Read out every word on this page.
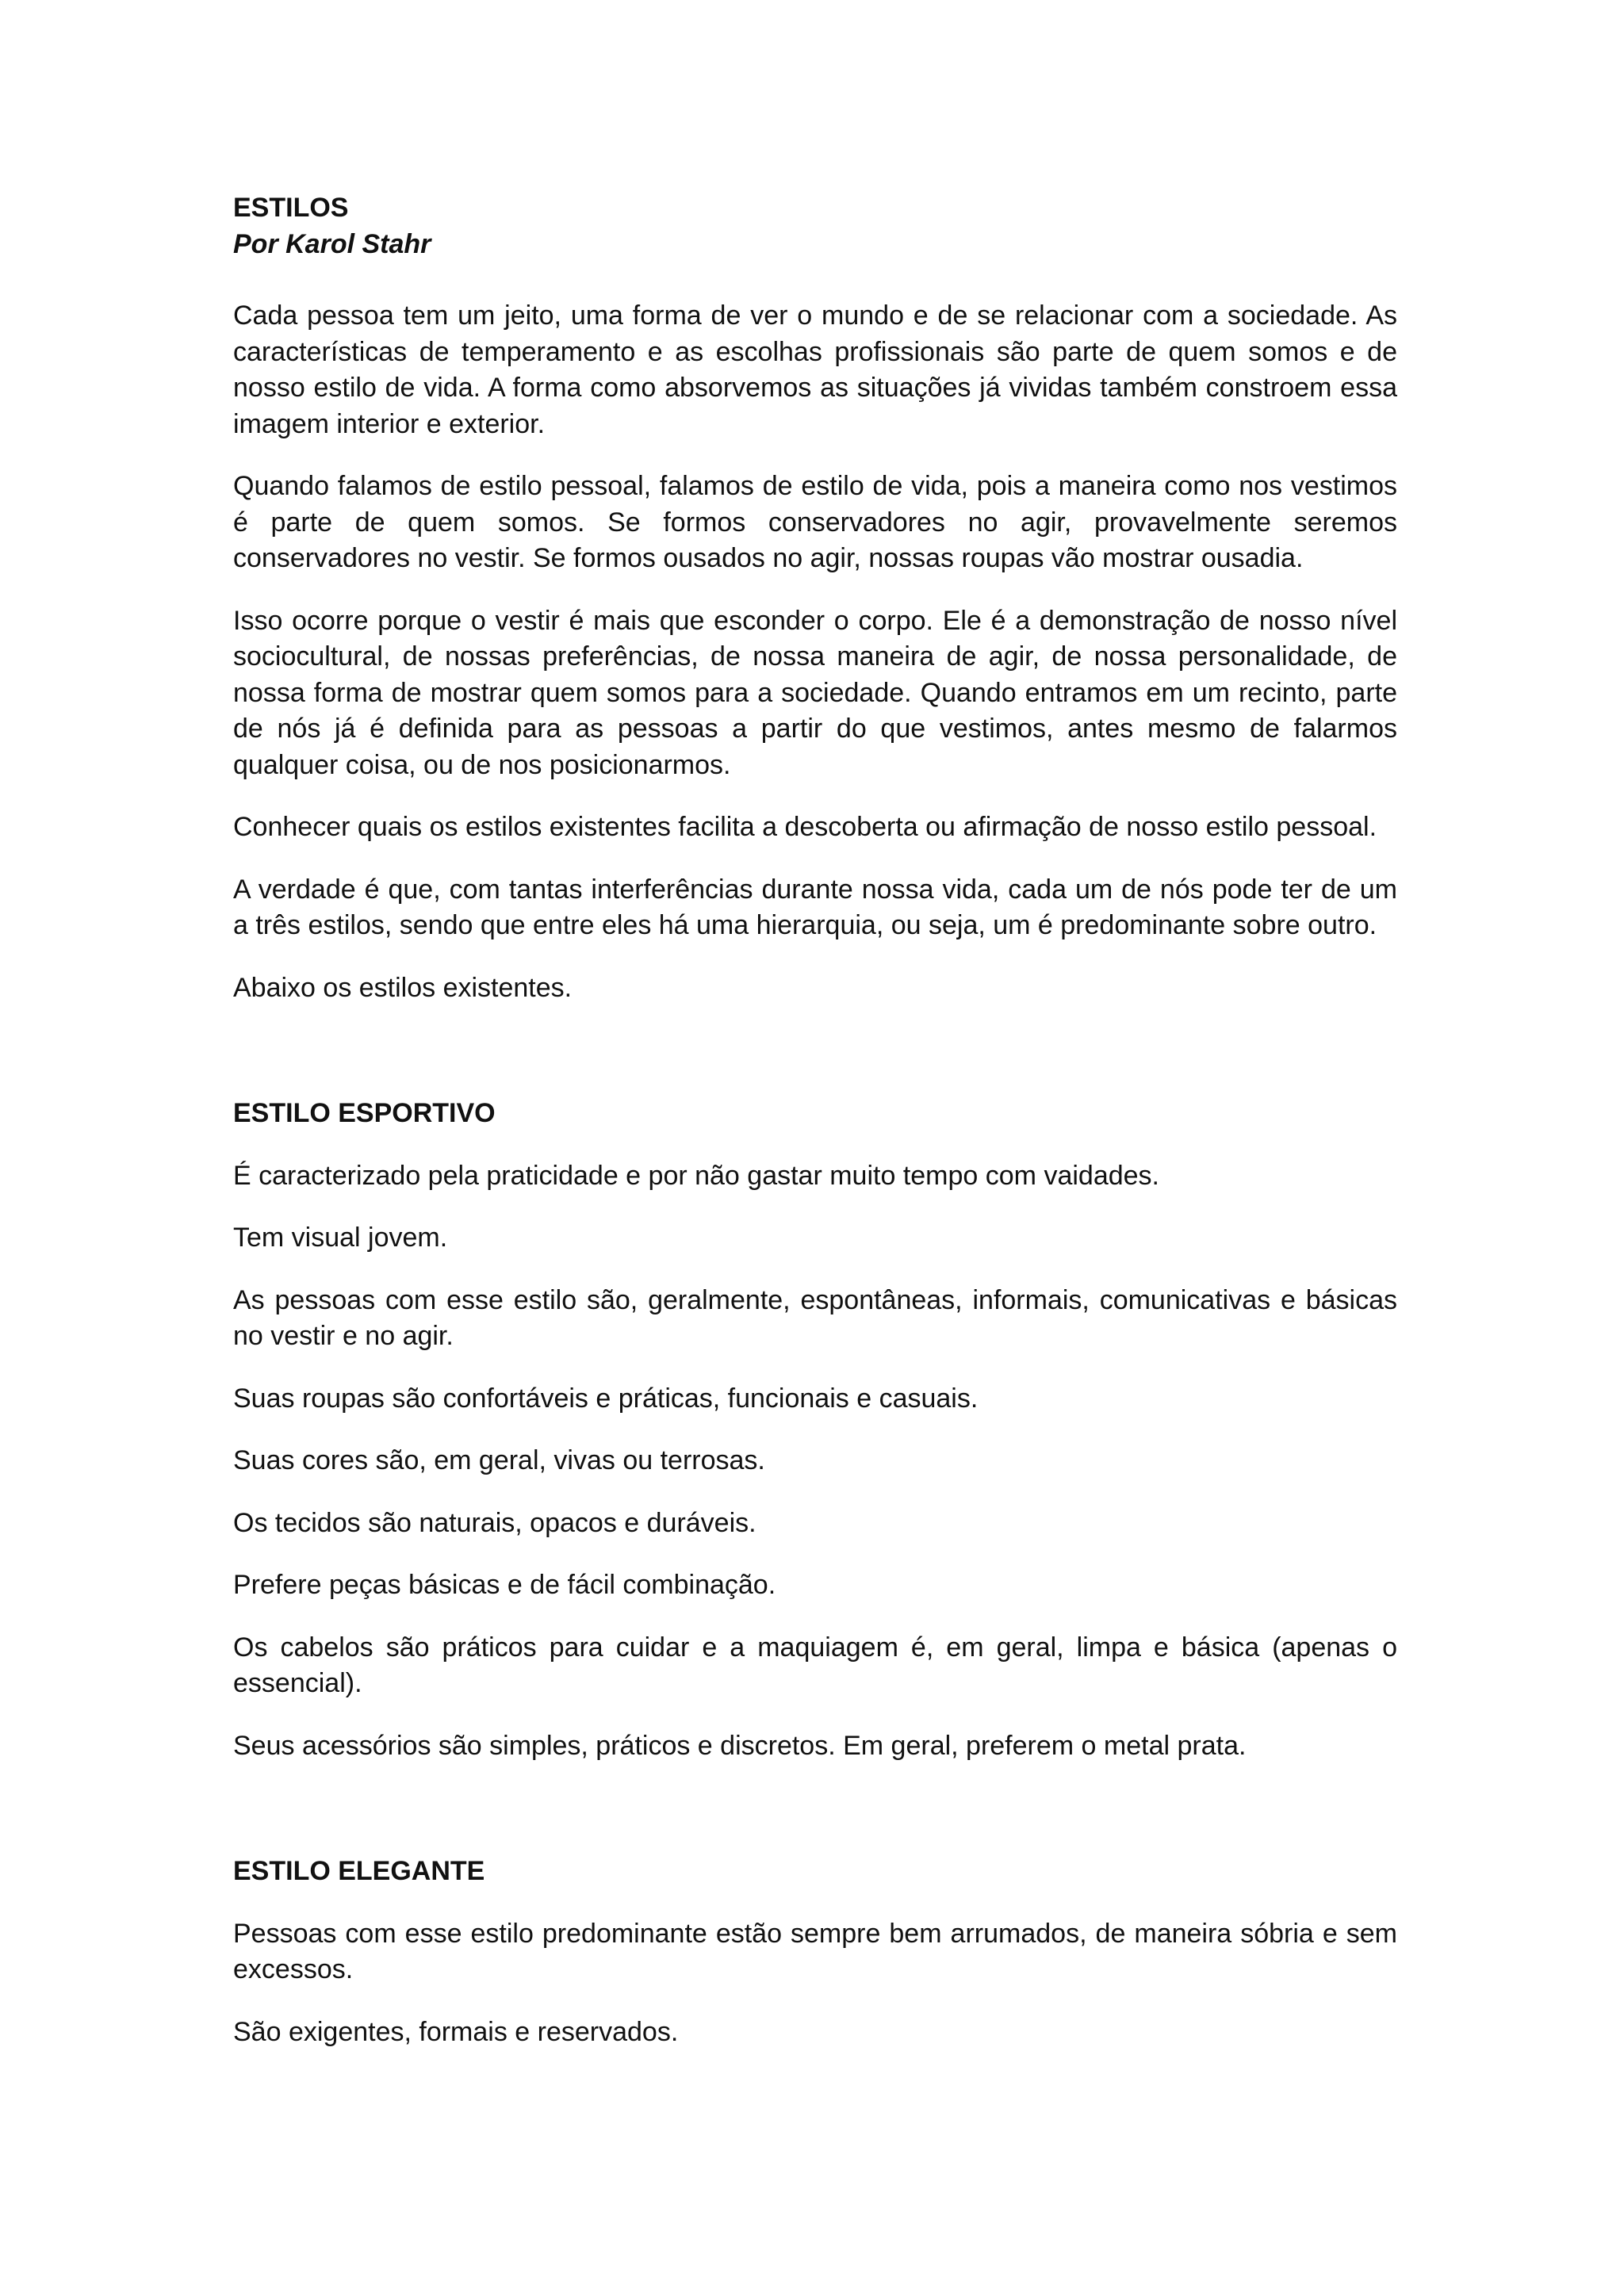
ESTILOS
Por Karol Stahr

Cada pessoa tem um jeito, uma forma de ver o mundo e de se relacionar com a sociedade. As características de temperamento e as escolhas profissionais são parte de quem somos e de nosso estilo de vida. A forma como absorvemos as situações já vividas também constroem essa imagem interior e exterior.

Quando falamos de estilo pessoal, falamos de estilo de vida, pois a maneira como nos vestimos é parte de quem somos. Se formos conservadores no agir, provavelmente seremos conservadores no vestir. Se formos ousados no agir, nossas roupas vão mostrar ousadia.

Isso ocorre porque o vestir é mais que esconder o corpo. Ele é a demonstração de nosso nível sociocultural, de nossas preferências, de nossa maneira de agir, de nossa personalidade, de nossa forma de mostrar quem somos para a sociedade. Quando entramos em um recinto, parte de nós já é definida para as pessoas a partir do que vestimos, antes mesmo de falarmos qualquer coisa, ou de nos posicionarmos.

Conhecer quais os estilos existentes facilita a descoberta ou afirmação de nosso estilo pessoal.

A verdade é que, com tantas interferências durante nossa vida, cada um de nós pode ter de um a três estilos, sendo que entre eles há uma hierarquia, ou seja, um é predominante sobre outro.

Abaixo os estilos existentes.

ESTILO ESPORTIVO

É caracterizado pela praticidade e por não gastar muito tempo com vaidades.

Tem visual jovem.

As pessoas com esse estilo são, geralmente, espontâneas, informais, comunicativas e básicas no vestir e no agir.

Suas roupas são confortáveis e práticas, funcionais e casuais.

Suas cores são, em geral, vivas ou terrosas.

Os tecidos são naturais, opacos e duráveis.

Prefere peças básicas e de fácil combinação.

Os cabelos são práticos para cuidar e a maquiagem é, em geral, limpa e básica (apenas o essencial).

Seus acessórios são simples, práticos e discretos. Em geral, preferem o metal prata.

ESTILO ELEGANTE

Pessoas com esse estilo predominante estão sempre bem arrumados, de maneira sóbria e sem excessos.

São exigentes, formais e reservados.
